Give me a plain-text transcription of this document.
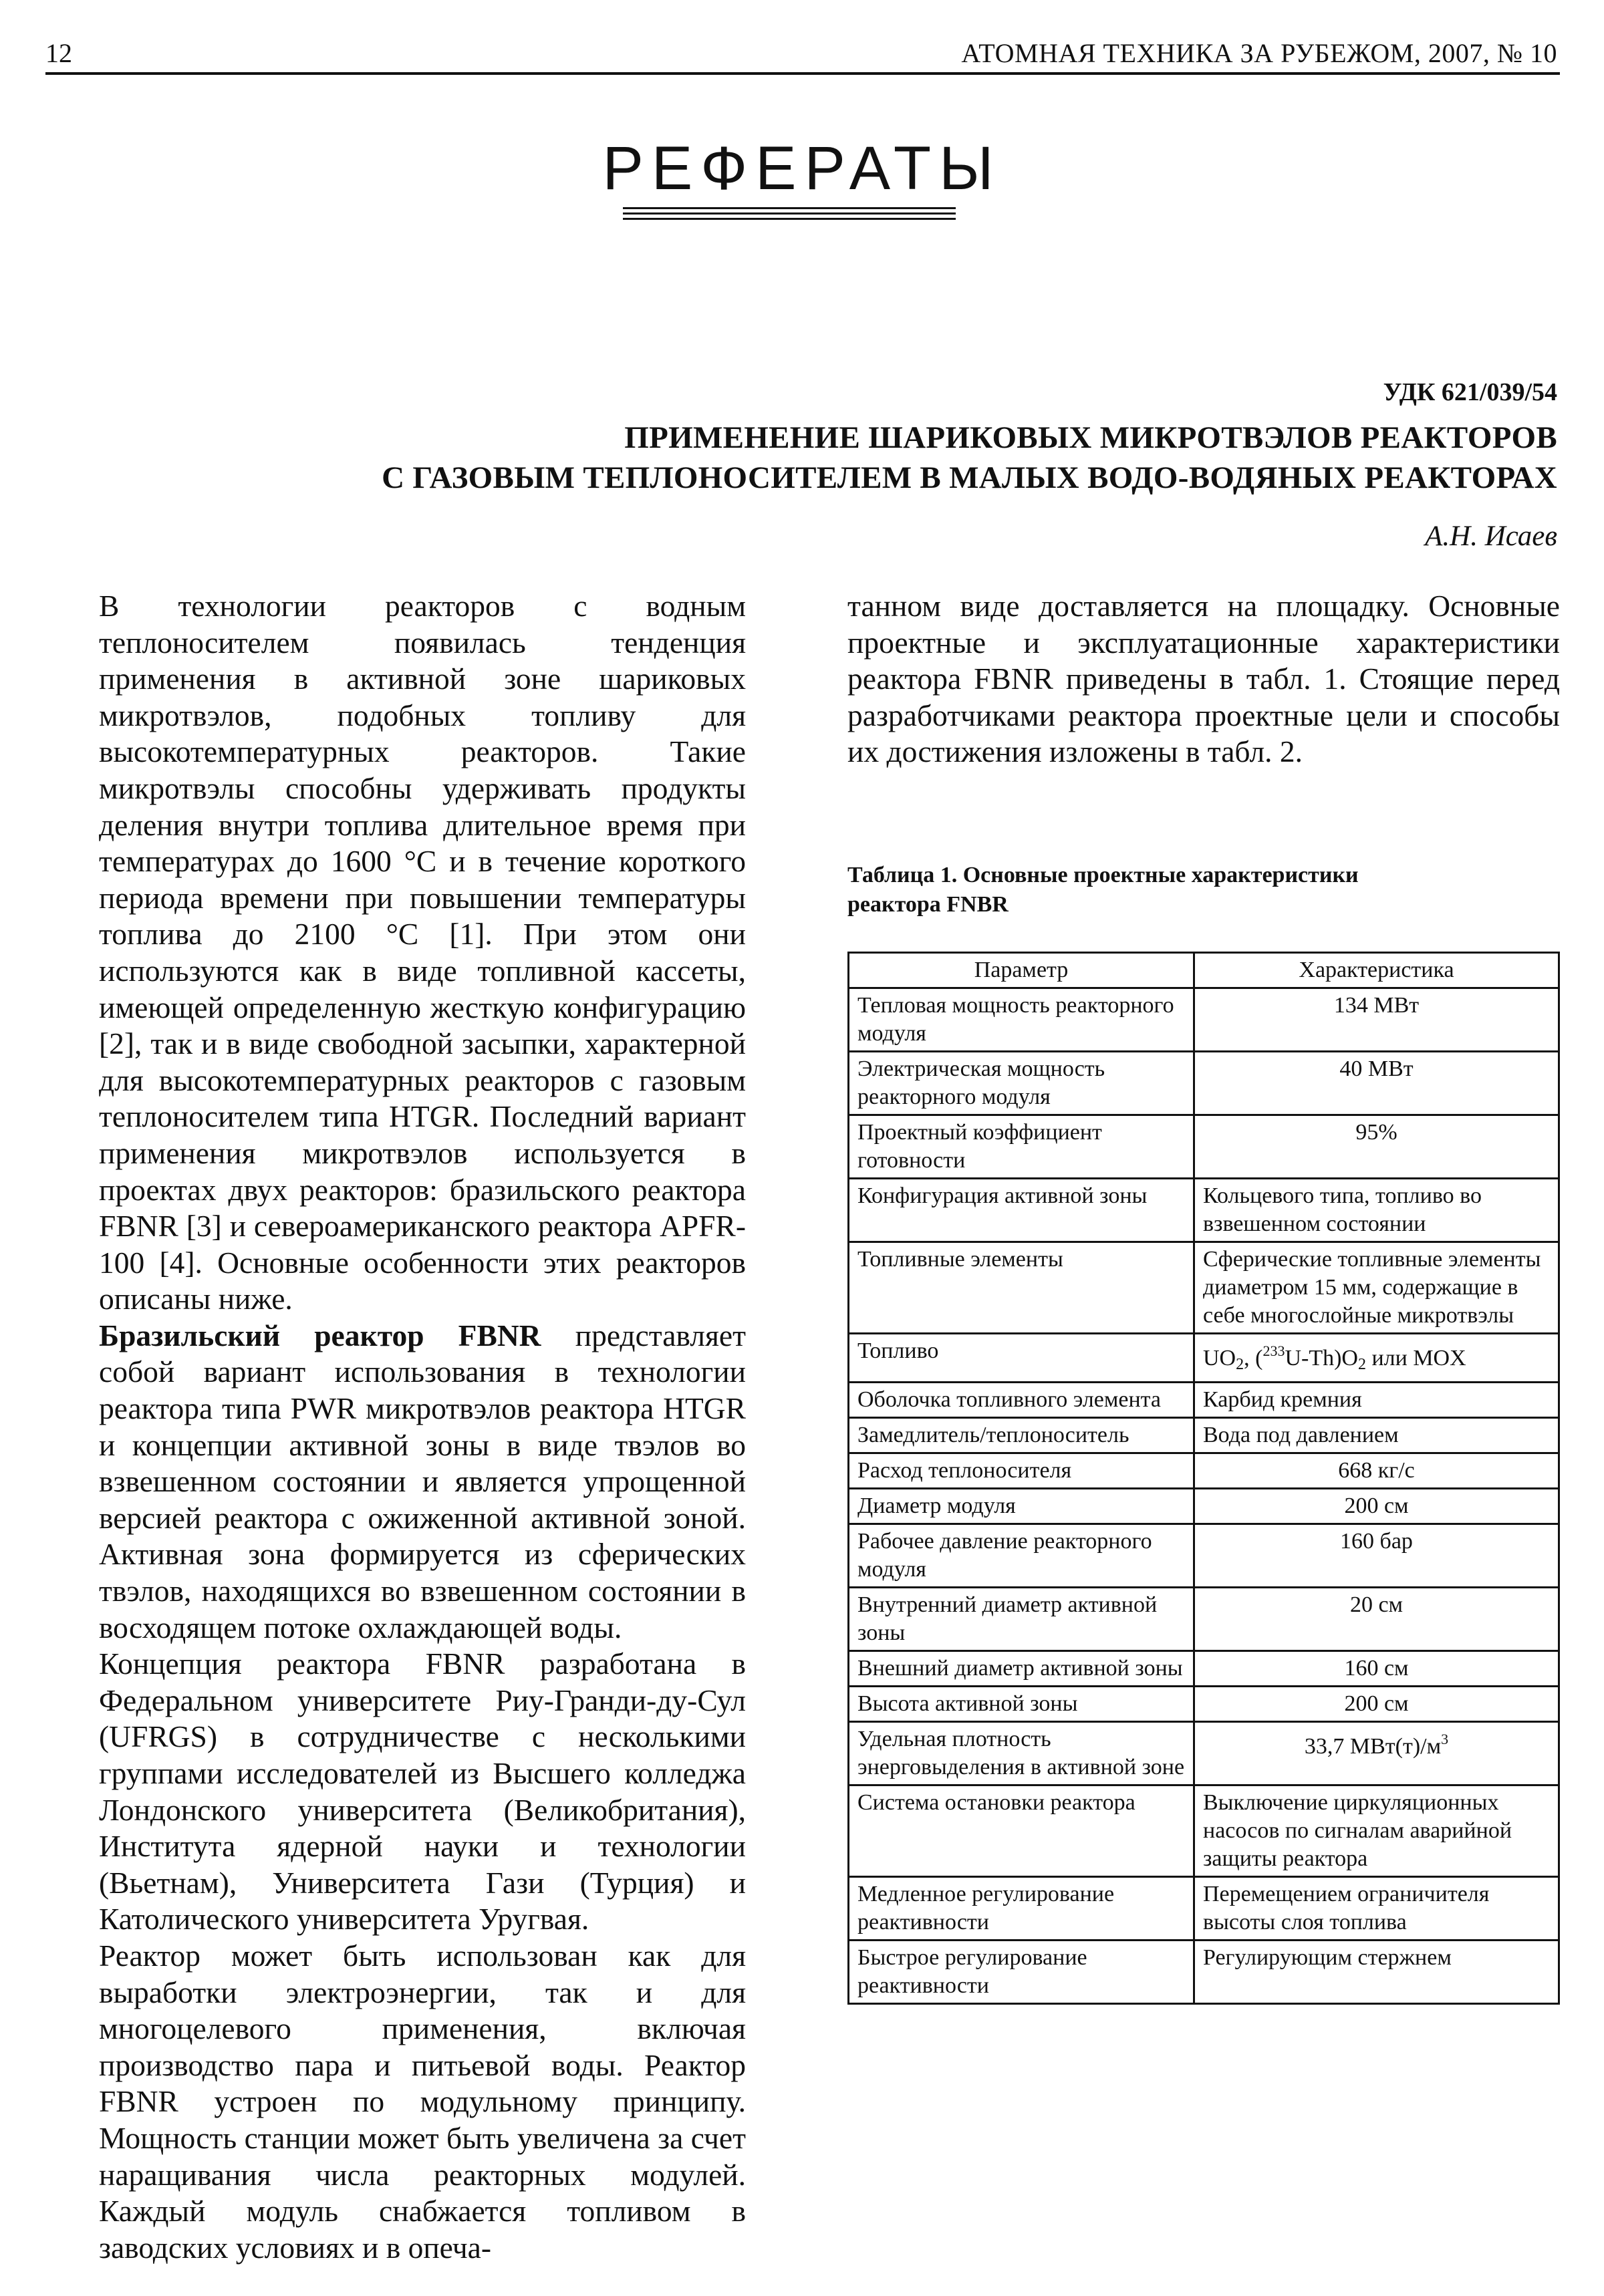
12	АТОМНАЯ ТЕХНИКА ЗА РУБЕЖОМ, 2007, № 10
РЕФЕРАТЫ
УДК 621/039/54
ПРИМЕНЕНИЕ ШАРИКОВЫХ МИКРОТВЭЛОВ РЕАКТОРОВ
С ГАЗОВЫМ ТЕПЛОНОСИТЕЛЕМ В МАЛЫХ ВОДО-ВОДЯНЫХ РЕАКТОРАХ
А.Н. Исаев

В технологии реакторов с водным теплоносителем появилась тенденция применения в активной зоне шариковых микротвэлов, подобных топливу для высокотемпературных реакторов. Такие микротвэлы способны удерживать продукты деления внутри топлива длительное время при температурах до 1600 °С и в течение короткого периода времени при повышении температуры топлива до 2100 °С [1]. При этом они используются как в виде топливной кассеты, имеющей определенную жесткую конфигурацию [2], так и в виде свободной засыпки, характерной для высокотемпературных реакторов с газовым теплоносителем типа HTGR. Последний вариант применения микротвэлов используется в проектах двух реакторов: бразильского реактора FBNR [3] и североамериканского реактора APFR-100 [4]. Основные особенности этих реакторов описаны ниже.

Бразильский реактор FBNR представляет собой вариант использования в технологии реактора типа PWR микротвэлов реактора HTGR и концепции активной зоны в виде твэлов во взвешенном состоянии и является упрощенной версией реактора с ожиженной активной зоной. Активная зона формируется из сферических твэлов, находящихся во взвешенном состоянии в восходящем потоке охлаждающей воды.

Концепция реактора FBNR разработана в Федеральном университете Риу-Гранди-ду-Сул (UFRGS) в сотрудничестве с несколькими группами исследователей из Высшего колледжа Лондонского университета (Великобритания), Института ядерной науки и технологии (Вьетнам), Университета Гази (Турция) и Католического университета Уругвая.

Реактор может быть использован как для выработки электроэнергии, так и для многоцелевого применения, включая производство пара и питьевой воды. Реактор FBNR устроен по модульному принципу. Мощность станции может быть увеличена за счет наращивания числа реакторных модулей. Каждый модуль снабжается топливом в заводских условиях и в опеча-

танном виде доставляется на площадку. Основные проектные и эксплуатационные характеристики реактора FBNR приведены в табл. 1. Стоящие перед разработчиками реактора проектные цели и способы их достижения изложены в табл. 2.

Таблица 1. Основные проектные характеристики
реактора FNBR
Параметр	Характеристика
Тепловая мощность реакторного модуля	134 МВт
Электрическая мощность реакторного модуля	40 МВт
Проектный коэффициент готовности	95%
Конфигурация активной зоны	Кольцевого типа, топливо во взвешенном состоянии
Топливные элементы	Сферические топливные элементы диаметром 15 мм, содержащие в себе многослойные микротвэлы
Топливо	$UO_2$, $(^{233}U-Th)O_2$ или MOX
Оболочка топливного элемента	Карбид кремния
Замедлитель/теплоноситель	Вода под давлением
Расход теплоносителя	668 кг/с
Диаметр модуля	200 см
Рабочее давление реакторного модуля	160 бар
Внутренний диаметр активной зоны	20 см
Внешний диаметр активной зоны	160 см
Высота активной зоны	200 см
Удельная плотность энерговыделения в активной зоне	33,7 $МВт(т)/м^3$
Система остановки реактора	Выключение циркуляционных насосов по сигналам аварийной защиты реактора
Медленное регулирование реактивности	Перемещением ограничителя высоты слоя топлива
Быстрое регулирование реактивности	Регулирующим стержнем
